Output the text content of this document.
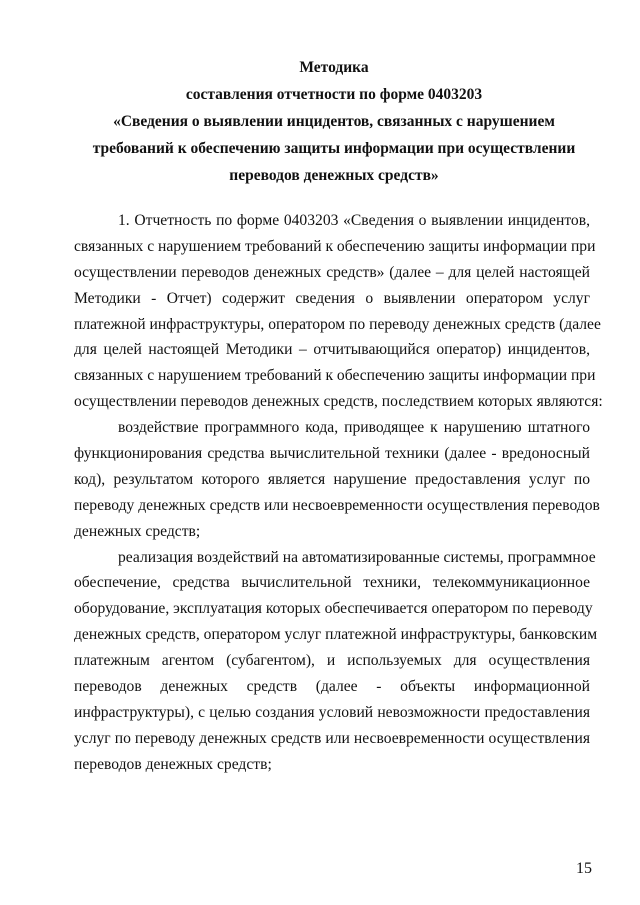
Методика
составления отчетности по форме 0403203
«Сведения о выявлении инцидентов, связанных с нарушением
требований к обеспечению защиты информации при осуществлении
переводов денежных средств»
1. Отчетность по форме 0403203 «Сведения о выявлении инцидентов,
связанных с нарушением требований к обеспечению защиты информации при
осуществлении переводов денежных средств» (далее – для целей настоящей
Методики - Отчет) содержит сведения о выявлении оператором услуг
платежной инфраструктуры, оператором по переводу денежных средств (далее
для целей настоящей Методики – отчитывающийся оператор) инцидентов,
связанных с нарушением требований к обеспечению защиты информации при
осуществлении переводов денежных средств, последствием которых являются:
воздействие программного кода, приводящее к нарушению штатного
функционирования средства вычислительной техники (далее - вредоносный
код), результатом которого является нарушение предоставления услуг по
переводу денежных средств или несвоевременности осуществления переводов
денежных средств;
реализация воздействий на автоматизированные системы, программное
обеспечение, средства вычислительной техники, телекоммуникационное
оборудование, эксплуатация которых обеспечивается оператором по переводу
денежных средств, оператором услуг платежной инфраструктуры, банковским
платежным агентом (субагентом), и используемых для осуществления
переводов денежных средств (далее - объекты информационной
инфраструктуры), с целью создания условий невозможности предоставления
услуг по переводу денежных средств или несвоевременности осуществления
переводов денежных средств;
15
